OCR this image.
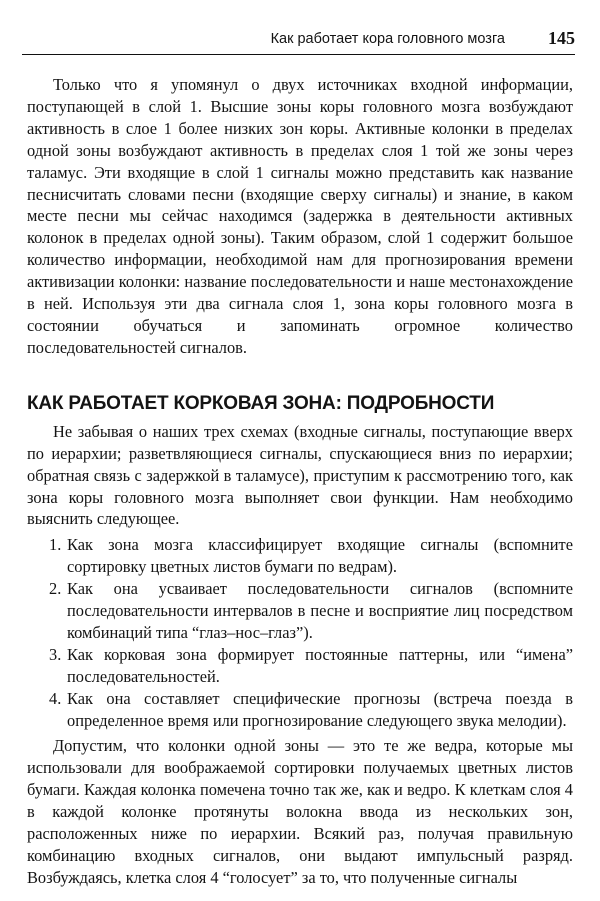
Как работает кора головного мозга 145

Только что я упомянул о двух источниках входной информации, поступающей в слой 1. Высшие зоны коры головного мозга возбуждают активность в слое 1 более низких зон коры. Активные колонки в пределах одной зоны возбуждают активность в пределах слоя 1 той же зоны через таламус. Эти входящие в слой 1 сигналы можно представить как название песнисчитать словами песни (входящие сверху сигналы) и знание, в каком месте песни мы сейчас находимся (задержка в деятельности активных колонок в пределах одной зоны). Таким образом, слой 1 содержит большое количество информации, необходимой нам для прогнозирования времени активизации колонки: название последовательности и наше местонахождение в ней. Используя эти два сигнала слоя 1, зона коры головного мозга в состоянии обучаться и запоминать огромное количество последовательностей сигналов.

КАК РАБОТАЕТ КОРКОВАЯ ЗОНА: ПОДРОБНОСТИ

Не забывая о наших трех схемах (входные сигналы, поступающие вверх по иерархии; разветвляющиеся сигналы, спускающиеся вниз по иерархии; обратная связь с задержкой в таламусе), приступим к рассмотрению того, как зона коры головного мозга выполняет свои функции. Нам необходимо выяснить следующее.

1. Как зона мозга классифицирует входящие сигналы (вспомните сортировку цветных листов бумаги по ведрам).
2. Как она усваивает последовательности сигналов (вспомните последовательности интервалов в песне и восприятие лиц посредством комбинаций типа “глаз–нос–глаз”).
3. Как корковая зона формирует постоянные паттерны, или “имена” последовательностей.
4. Как она составляет специфические прогнозы (встреча поезда в определенное время или прогнозирование следующего звука мелодии).

Допустим, что колонки одной зоны — это те же ведра, которые мы использовали для воображаемой сортировки получаемых цветных листов бумаги. Каждая колонка помечена точно так же, как и ведро. К клеткам слоя 4 в каждой колонке протянуты волокна ввода из нескольких зон, расположенных ниже по иерархии. Всякий раз, получая правильную комбинацию входных сигналов, они выдают импульсный разряд. Возбуждаясь, клетка слоя 4 “голосует” за то, что полученные сигналы
